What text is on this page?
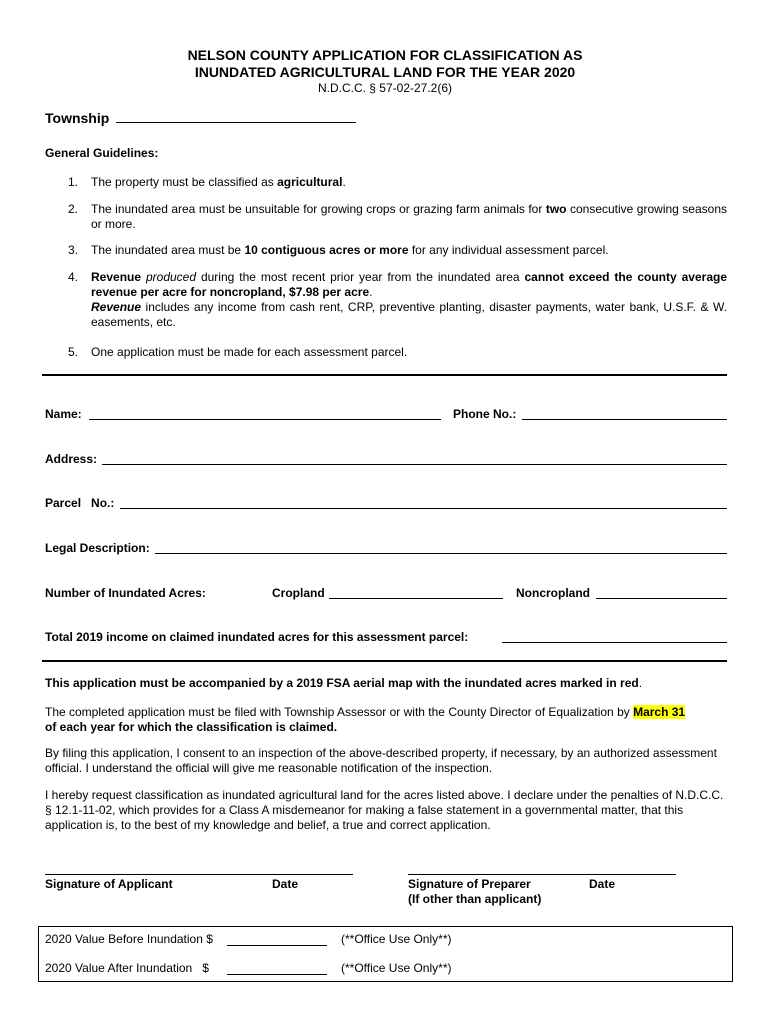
NELSON COUNTY APPLICATION FOR CLASSIFICATION AS
INUNDATED AGRICULTURAL LAND FOR THE YEAR 2020
N.D.C.C. § 57-02-27.2(6)
Township
General Guidelines:
1.	The property must be classified as agricultural.
2.	The inundated area must be unsuitable for growing crops or grazing farm animals for two consecutive growing seasons or more.
3.	The inundated area must be 10 contiguous acres or more for any individual assessment parcel.
4.	Revenue produced during the most recent prior year from the inundated area cannot exceed the county average revenue per acre for noncropland, $7.98 per acre.
Revenue includes any income from cash rent, CRP, preventive planting, disaster payments, water bank, U.S.F. & W. easements, etc.
5.	One application must be made for each assessment parcel.
Name:	Phone No.:
Address:
Parcel   No.:
Legal Description:
Number of Inundated Acres:	Cropland	Noncropland
Total 2019 income on claimed inundated acres for this assessment parcel:
This application must be accompanied by a 2019 FSA aerial map with the inundated acres marked in red.
The completed application must be filed with Township Assessor or with the County Director of Equalization by March 31
of each year for which the classification is claimed.
By filing this application, I consent to an inspection of the above-described property, if necessary, by an authorized assessment official. I understand the official will give me reasonable notification of the inspection.
I hereby request classification as inundated agricultural land for the acres listed above. I declare under the penalties of N.D.C.C. § 12.1-11-02, which provides for a Class A misdemeanor for making a false statement in a governmental matter, that this application is, to the best of my knowledge and belief, a true and correct application.
Signature of Applicant	Date	Signature of Preparer	Date
(If other than applicant)
2020 Value Before Inundation $	(**Office Use Only**)
2020 Value After Inundation   $	(**Office Use Only**)
